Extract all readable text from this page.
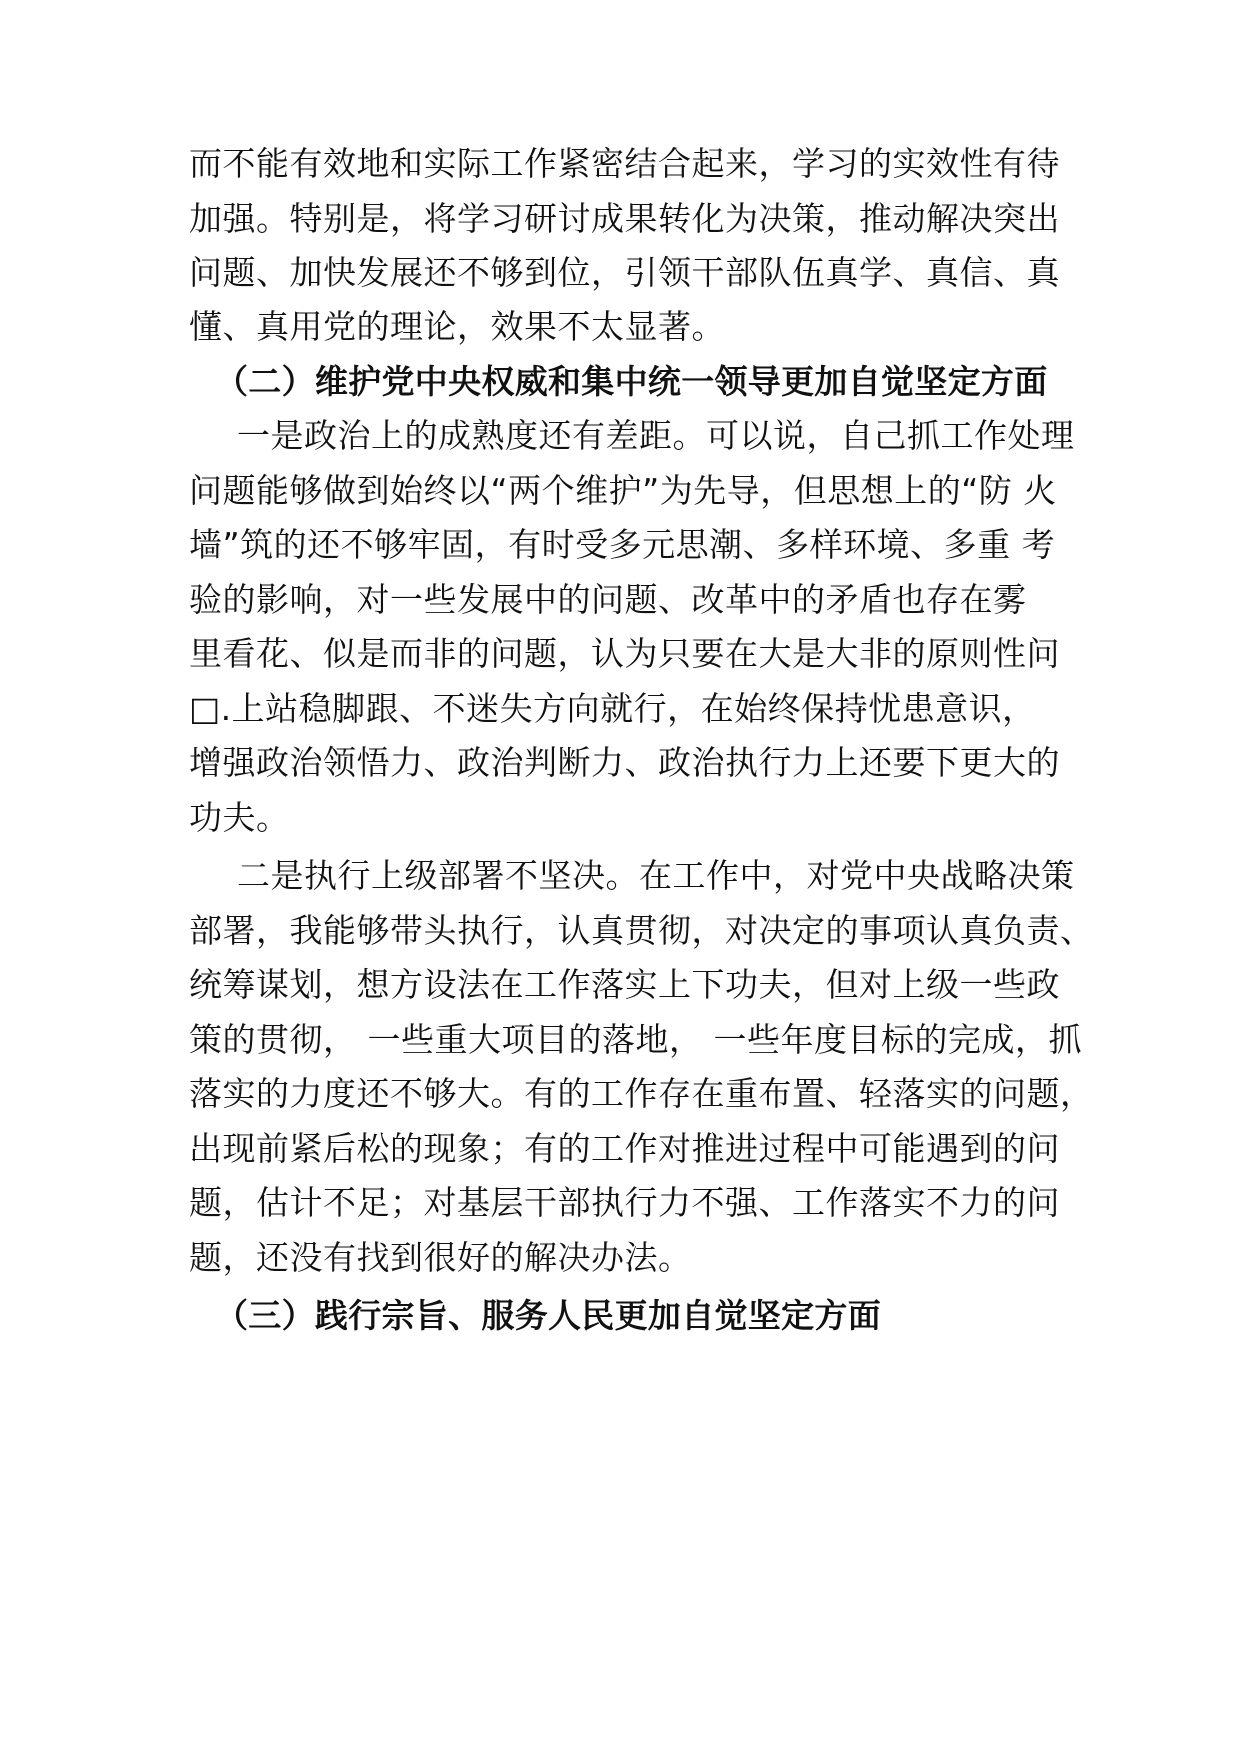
而不能有效地和实际工作紧密结合起来，学习的实效性有待
加强。特别是，将学习研讨成果转化为决策，推动解决突出
问题、加快发展还不够到位，引领干部队伍真学、真信、真
懂、真用党的理论，效果不太显著。
（二）维护党中央权威和集中统一领导更加自觉坚定方面
一是政治上的成熟度还有差距。可以说，自己抓工作处理
问题能够做到始终以“两个维护”为先导，但思想上的“防 火
墙”筑的还不够牢固，有时受多元思潮、多样环境、多重 考
验的影响，对一些发展中的问题、改革中的矛盾也存在雾
里看花、似是而非的问题，认为只要在大是大非的原则性问
□.上站稳脚跟、不迷失方向就行，在始终保持忧患意识，
增强政治领悟力、政治判断力、政治执行力上还要下更大的
功夫。
二是执行上级部署不坚决。在工作中，对党中央战略决策
部署，我能够带头执行，认真贯彻，对决定的事项认真负责、
统筹谋划，想方设法在工作落实上下功夫，但对上级一些政
策的贯彻， 一些重大项目的落地， 一些年度目标的完成，抓
落实的力度还不够大。有的工作存在重布置、轻落实的问题，
出现前紧后松的现象；有的工作对推进过程中可能遇到的问
题，估计不足；对基层干部执行力不强、工作落实不力的问
题，还没有找到很好的解决办法。
（三）践行宗旨、服务人民更加自觉坚定方面
